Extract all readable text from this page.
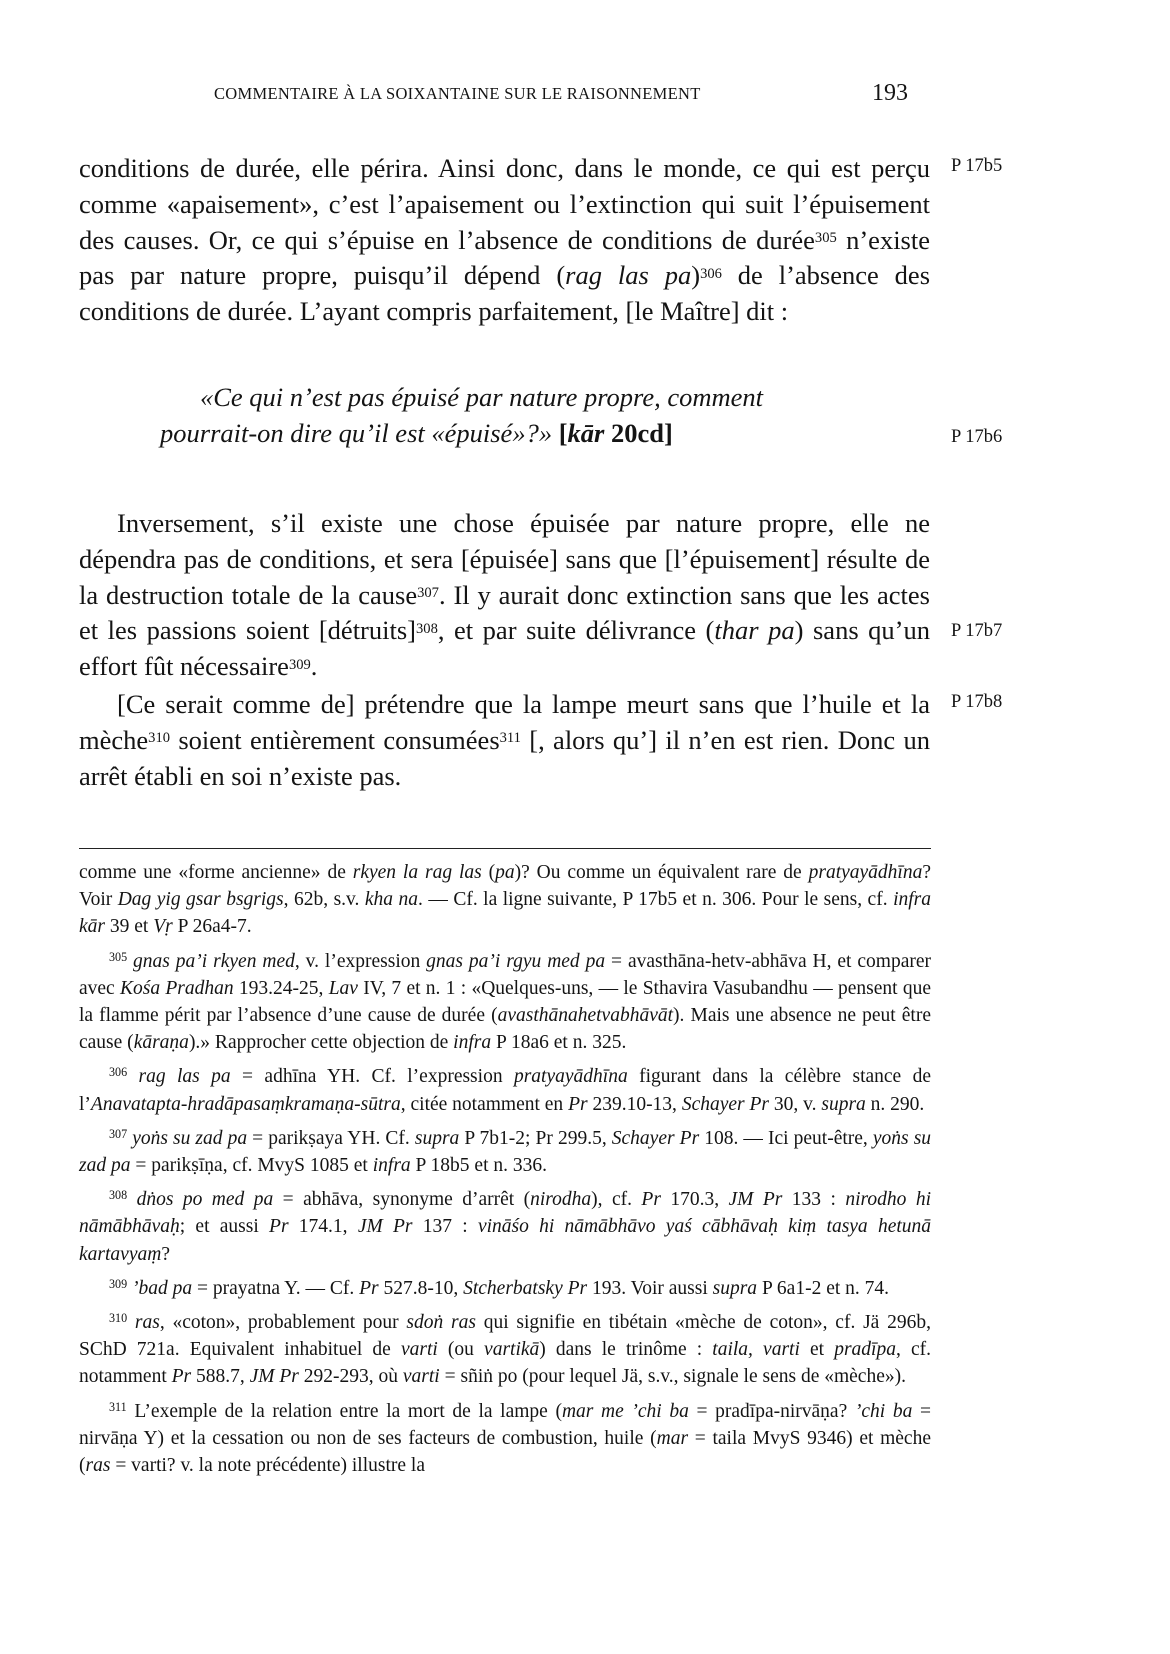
COMMENTAIRE À LA SOIXANTAINE SUR LE RAISONNEMENT	193
conditions de durée, elle périra. Ainsi donc, dans le monde, ce qui est perçu comme «apaisement», c’est l’apaisement ou l’extinction qui suit l’épuisement des causes. Or, ce qui s’épuise en l’absence de conditions de durée$^{305}$ n’existe pas par nature propre, puisqu’il dépend (rag las pa)$^{306}$ de l’absence des conditions de durée. L’ayant compris parfaitement, [le Maître] dit :
«Ce qui n’est pas épuisé par nature propre, comment
pourrait-on dire qu’il est «épuisé»?» [kār 20cd]
Inversement, s’il existe une chose épuisée par nature propre, elle ne dépendra pas de conditions, et sera [épuisée] sans que [l’épuisement] résulte de la destruction totale de la cause$^{307}$. Il y aurait donc extinction sans que les actes et les passions soient [détruits]$^{308}$, et par suite délivrance (thar pa) sans qu’un effort fût nécessaire$^{309}$.
[Ce serait comme de] prétendre que la lampe meurt sans que l’huile et la mèche$^{310}$ soient entièrement consumées$^{311}$ [, alors qu’] il n’en est rien. Donc un arrêt établi en soi n’existe pas.
P 17b5
P 17b6
P 17b7
P 17b8

comme une «forme ancienne» de rkyen la rag las (pa)? Ou comme un équivalent rare de pratyayādhīna? Voir Dag yig gsar bsgrigs, 62b, s.v. kha na. — Cf. la ligne suivante, P 17b5 et n. 306. Pour le sens, cf. infra kār 39 et Vṛ P 26a4-7.

$^{305}$ gnas pa’i rkyen med, v. l’expression gnas pa’i rgyu med pa = avasthāna-hetv-abhāva H, et comparer avec Kośa Pradhan 193.24-25, Lav IV, 7 et n. 1 : «Quelques-uns, — le Sthavira Vasubandhu — pensent que la flamme périt par l’absence d’une cause de durée (avasthānahetvabhāvāt). Mais une absence ne peut être cause (kāraṇa).» Rapprocher cette objection de infra P 18a6 et n. 325.

$^{306}$ rag las pa = adhīna YH. Cf. l’expression pratyayādhīna figurant dans la célèbre stance de l’Anavatapta-hradāpasaṃkramaṇa-sūtra, citée notamment en Pr 239.10-13, Schayer Pr 30, v. supra n. 290.

$^{307}$ yoṅs su zad pa = parikṣaya YH. Cf. supra P 7b1-2; Pr 299.5, Schayer Pr 108. — Ici peut-être, yoṅs su zad pa = parikṣīṇa, cf. MvyS 1085 et infra P 18b5 et n. 336.

$^{308}$ dṅos po med pa = abhāva, synonyme d’arrêt (nirodha), cf. Pr 170.3, JM Pr 133 : nirodho hi nāmābhāvaḥ; et aussi Pr 174.1, JM Pr 137 : vināśo hi nāmābhāvo yaś cābhāvaḥ kiṃ tasya hetunā kartavyaṃ?

$^{309}$ ’bad pa = prayatna Y. — Cf. Pr 527.8-10, Stcherbatsky Pr 193. Voir aussi supra P 6a1-2 et n. 74.

$^{310}$ ras, «coton», probablement pour sdoṅ ras qui signifie en tibétain «mèche de coton», cf. Jä 296b, SChD 721a. Equivalent inhabituel de varti (ou vartikā) dans le trinôme : taila, varti et pradīpa, cf. notamment Pr 588.7, JM Pr 292-293, où varti = sñiṅ po (pour lequel Jä, s.v., signale le sens de «mèche»).

$^{311}$ L’exemple de la relation entre la mort de la lampe (mar me ’chi ba = pradīpa-nirvāṇa? ’chi ba = nirvāṇa Y) et la cessation ou non de ses facteurs de combustion, huile (mar = taila MvyS 9346) et mèche (ras = varti? v. la note précédente) illustre la
